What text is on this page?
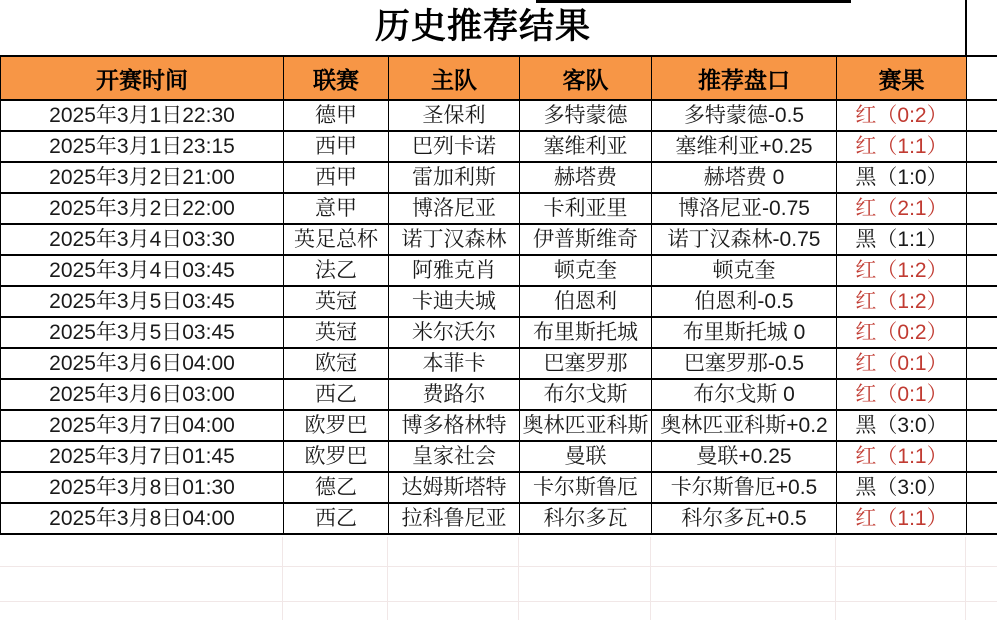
历史推荐结果
开赛时间	联赛	主队	客队	推荐盘口	赛果	
2025年3月1日22:30	德甲	圣保利	多特蒙德	多特蒙德-0.5	红（0:2）	
2025年3月1日23:15	西甲	巴列卡诺	塞维利亚	塞维利亚+0.25	红（1:1）	
2025年3月2日21:00	西甲	雷加利斯	赫塔费	赫塔费 0	黑（1:0）	
2025年3月2日22:00	意甲	博洛尼亚	卡利亚里	博洛尼亚-0.75	红（2:1）	
2025年3月4日03:30	英足总杯	诺丁汉森林	伊普斯维奇	诺丁汉森林-0.75	黑（1:1）	
2025年3月4日03:45	法乙	阿雅克肖	顿克奎	顿克奎	红（1:2）	
2025年3月5日03:45	英冠	卡迪夫城	伯恩利	伯恩利-0.5	红（1:2）	
2025年3月5日03:45	英冠	米尔沃尔	布里斯托城	布里斯托城 0	红（0:2）	
2025年3月6日04:00	欧冠	本菲卡	巴塞罗那	巴塞罗那-0.5	红（0:1）	
2025年3月6日03:00	西乙	费路尔	布尔戈斯	布尔戈斯 0	红（0:1）	
2025年3月7日04:00	欧罗巴	博多格林特	奥林匹亚科斯	奥林匹亚科斯+0.2	黑（3:0）	
2025年3月7日01:45	欧罗巴	皇家社会	曼联	曼联+0.25	红（1:1）	
2025年3月8日01:30	德乙	达姆斯塔特	卡尔斯鲁厄	卡尔斯鲁厄+0.5	黑（3:0）	
2025年3月8日04:00	西乙	拉科鲁尼亚	科尔多瓦	科尔多瓦+0.5	红（1:1）	
